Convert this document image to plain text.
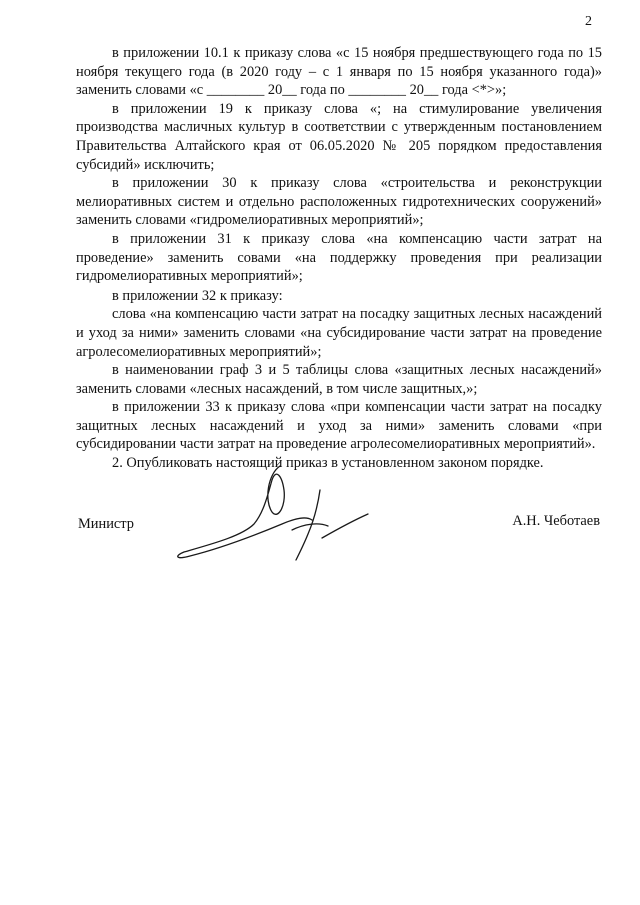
2

в приложении 10.1 к приказу слова «с 15 ноября предшествующего года по 15 ноября текущего года (в 2020 году – с 1 января по 15 ноября указанного года)» заменить словами «с ________ 20__ года по ________ 20__ года <*>»;

в приложении 19 к приказу слова «; на стимулирование увеличения производства масличных культур в соответствии с утвержденным постановлением Правительства Алтайского края от 06.05.2020 № 205 порядком предоставления субсидий» исключить;

в приложении 30 к приказу слова «строительства и реконструкции мелиоративных систем и отдельно расположенных гидротехнических сооружений» заменить словами «гидромелиоративных мероприятий»;

в приложении 31 к приказу слова «на компенсацию части затрат на проведение» заменить совами «на поддержку проведения при реализации гидромелиоративных мероприятий»;

в приложении 32 к приказу:

слова «на компенсацию части затрат на посадку защитных лесных насаждений и уход за ними» заменить словами «на субсидирование части затрат на проведение агролесомелиоративных мероприятий»;

в наименовании граф 3 и 5 таблицы слова «защитных лесных насаждений» заменить словами «лесных насаждений, в том числе защитных,»;

в приложении 33 к приказу слова «при компенсации части затрат на посадку защитных лесных насаждений и уход за ними» заменить словами «при субсидировании части затрат на проведение агролесомелиоративных мероприятий».

2. Опубликовать настоящий приказ в установленном законом порядке.

Министр	А.Н. Чеботаев
